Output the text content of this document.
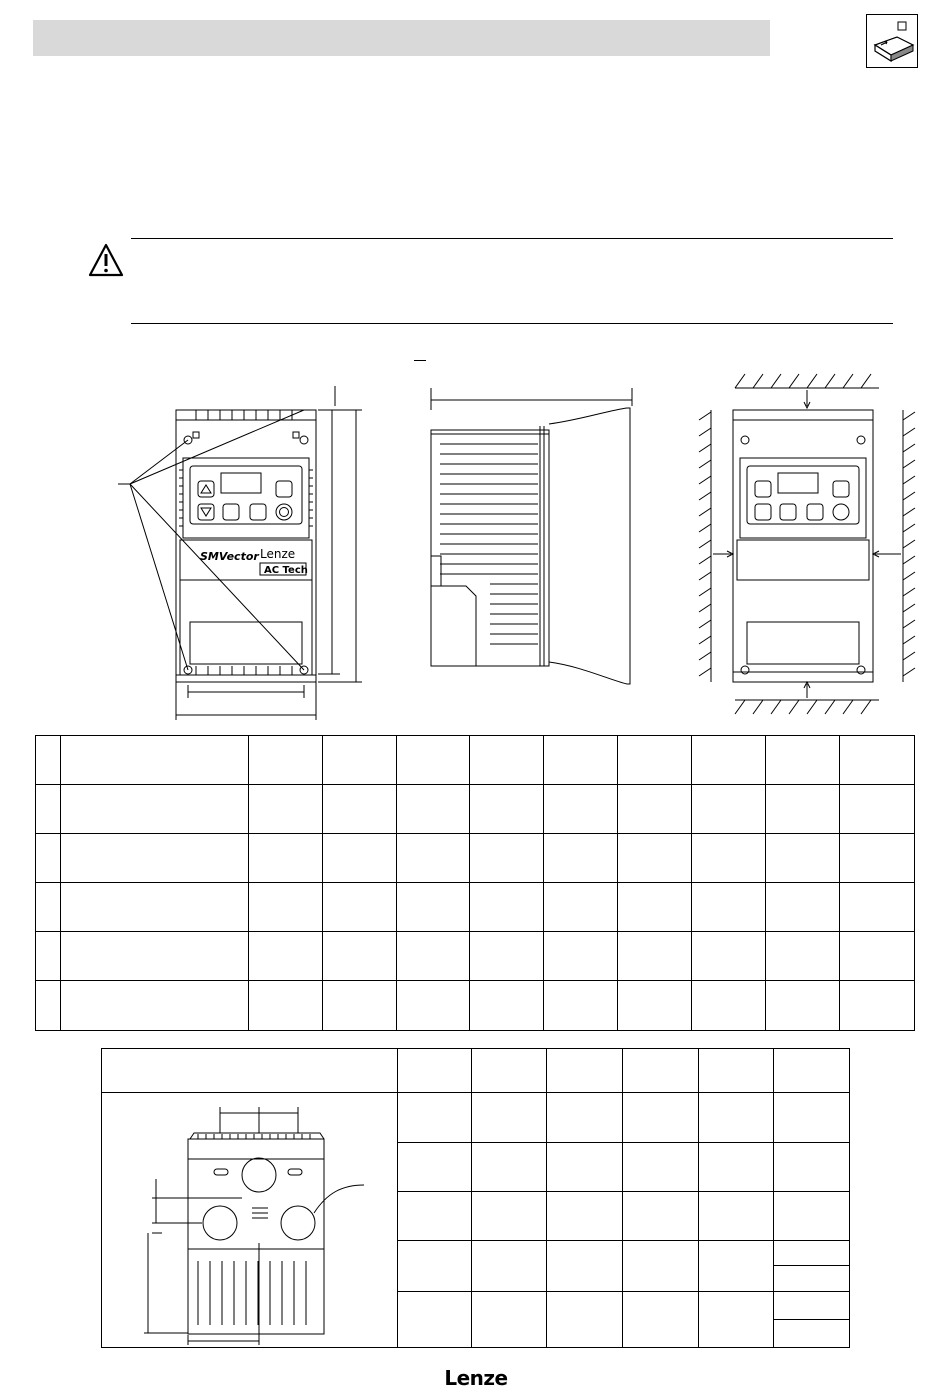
SMVector Lenze
AC Tech

Lenze
